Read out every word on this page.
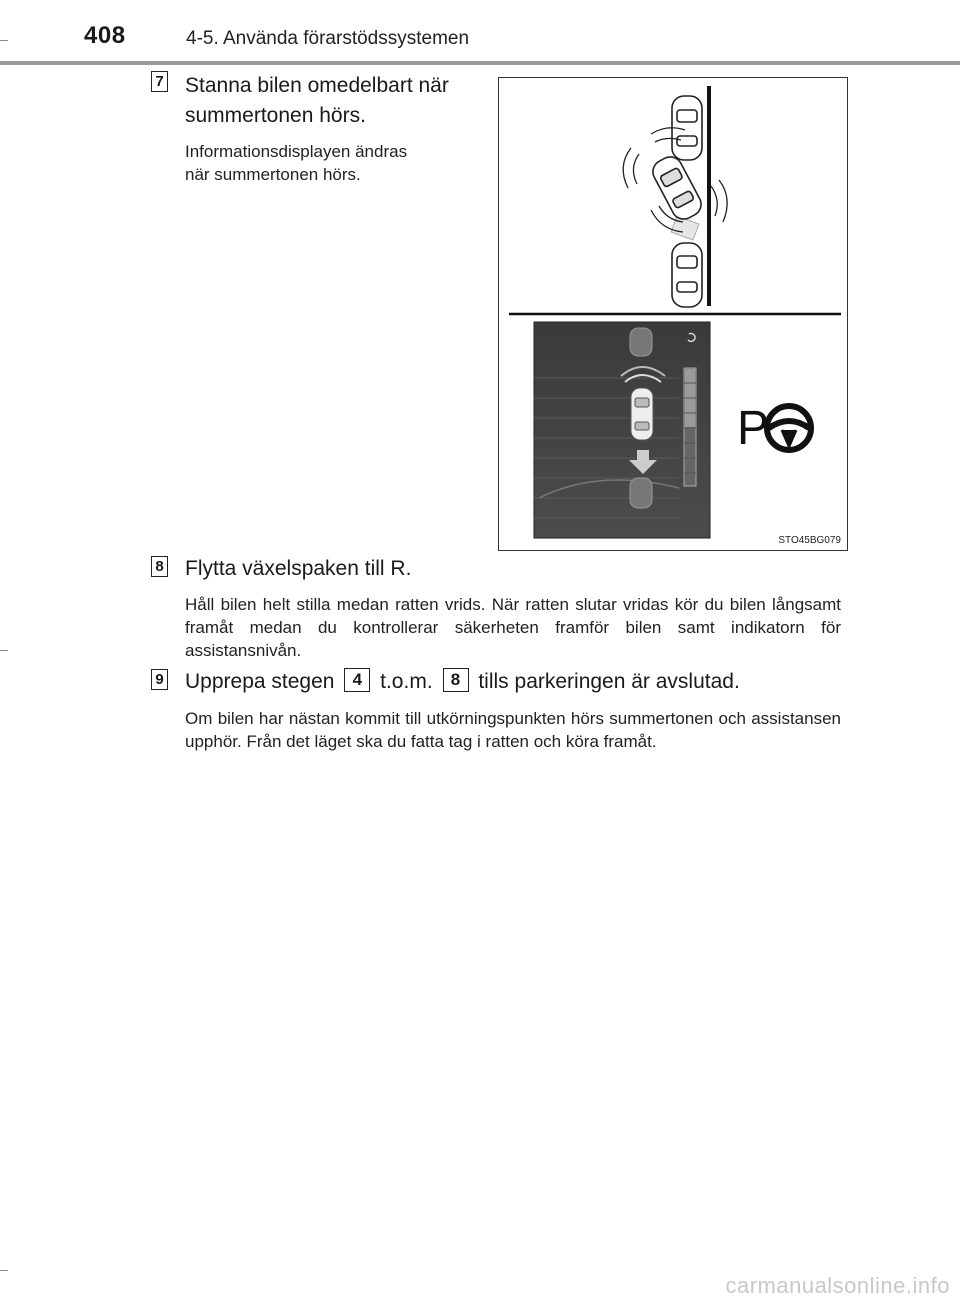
408	4-5. Använda förarstödssystemen
7 Stanna bilen omedelbart när
summertonen hörs.
Informationsdisplayen ändras
när summertonen hörs.
P
STO45BG079
8 Flytta växelspaken till R.
Håll bilen helt stilla medan ratten vrids. När ratten slutar vridas kör du bilen långsamt framåt medan du kontrollerar säkerheten framför bilen samt indikatorn för assistansnivån.
9 Upprepa stegen 4 t.o.m. 8 tills parkeringen är avslutad.
Om bilen har nästan kommit till utkörningspunkten hörs summertonen och assistansen upphör. Från det läget ska du fatta tag i ratten och köra framåt.
carmanualsonline.info
